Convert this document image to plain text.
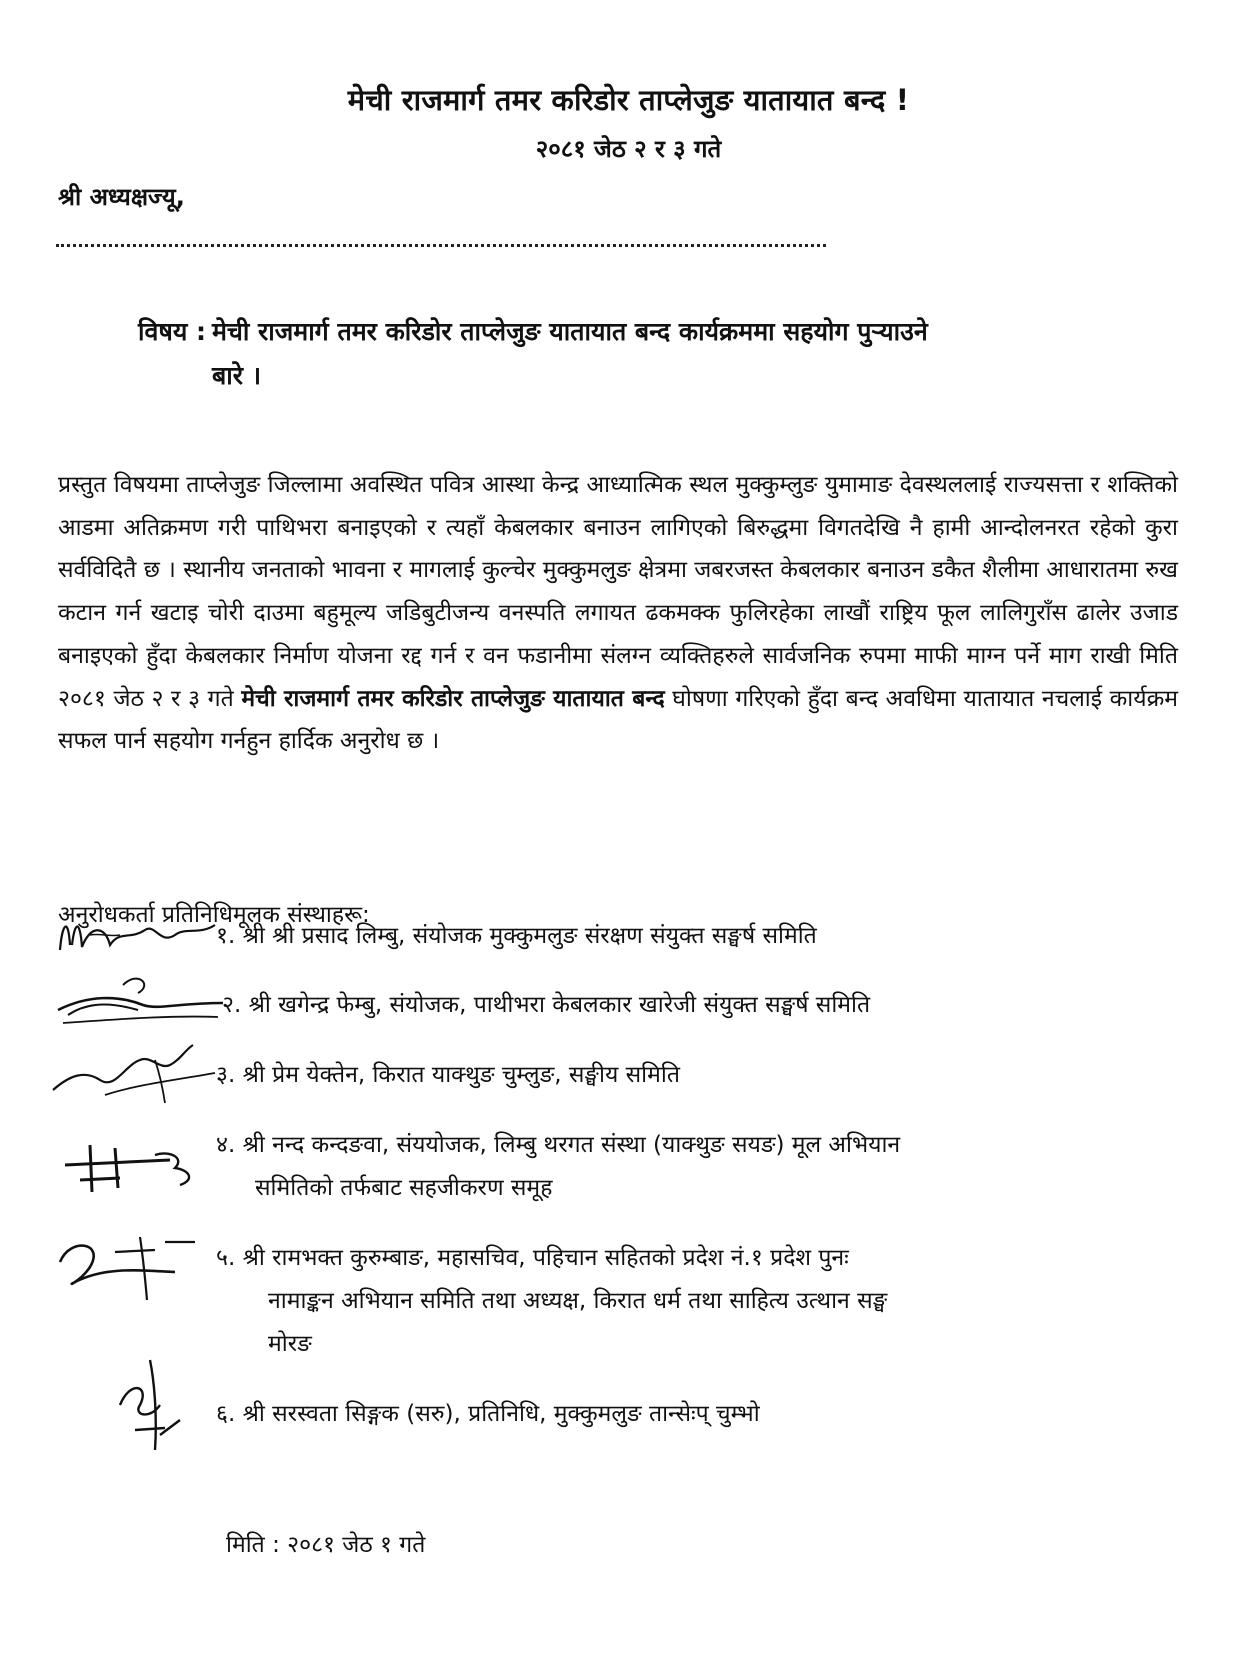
मेची राजमार्ग तमर करिडोर ताप्लेजुङ यातायात बन्द !
२०८१ जेठ २ र ३ गते
श्री अध्यक्षज्यू,
विषय : मेची राजमार्ग तमर करिडोर ताप्लेजुङ यातायात बन्द कार्यक्रममा सहयोग पुऱ्याउने
बारे ।
प्रस्तुत विषयमा ताप्लेजुङ जिल्लामा अवस्थित पवित्र आस्था केन्द्र आध्यात्मिक स्थल मुक्कुम्लुङ युमामाङ देवस्थललाई राज्यसत्ता र शक्तिको आडमा अतिक्रमण गरी पाथिभरा बनाइएको र त्यहाँ केबलकार बनाउन लागिएको बिरुद्धमा विगतदेखि नै हामी आन्दोलनरत रहेको कुरा सर्वविदितै छ । स्थानीय जनताको भावना र मागलाई कुल्चेर मुक्कुमलुङ क्षेत्रमा जबरजस्त केबलकार बनाउन डकैत शैलीमा आधारातमा रुख कटान गर्न खटाइ चोरी दाउमा बहुमूल्य जडिबुटीजन्य वनस्पति लगायत ढकमक्क फुलिरहेका लाखौं राष्ट्रिय फूल लालिगुराँस ढालेर उजाड बनाइएको हुँदा केबलकार निर्माण योजना रद्द गर्न र वन फडानीमा संलग्न व्यक्तिहरुले सार्वजनिक रुपमा माफी माग्न पर्ने माग राखी मिति २०८१ जेठ २ र ३ गते मेची राजमार्ग तमर करिडोर ताप्लेजुङ यातायात बन्द घोषणा गरिएको हुँदा बन्द अवधिमा यातायात नचलाई कार्यक्रम सफल पार्न सहयोग गर्नहुन हार्दिक अनुरोध छ ।
अनुरोधकर्ता प्रतिनिधिमूलक संस्थाहरू:
१. श्री श्री प्रसाद लिम्बु, संयोजक मुक्कुमलुङ संरक्षण संयुक्त सङ्घर्ष समिति
२. श्री खगेन्द्र फेम्बु, संयोजक, पाथीभरा केबलकार खारेजी संयुक्त सङ्घर्ष समिति
३. श्री प्रेम येक्तेन, किरात याक्थुङ चुम्लुङ, सङ्घीय समिति
४. श्री नन्द कन्दङवा, संययोजक, लिम्बु थरगत संस्था (याक्थुङ सयङ) मूल अभियान
समितिको तर्फबाट सहजीकरण समूह
५. श्री रामभक्त कुरुम्बाङ, महासचिव, पहिचान सहितको प्रदेश नं.१ प्रदेश पुनः
नामाङ्कन अभियान समिति तथा अध्यक्ष, किरात धर्म तथा साहित्य उत्थान सङ्घ
मोरङ
६. श्री सरस्वता सिङ्गक (सरु), प्रतिनिधि, मुक्कुमलुङ तान्सेःप् चुम्भो
मिति : २०८१ जेठ १ गते
